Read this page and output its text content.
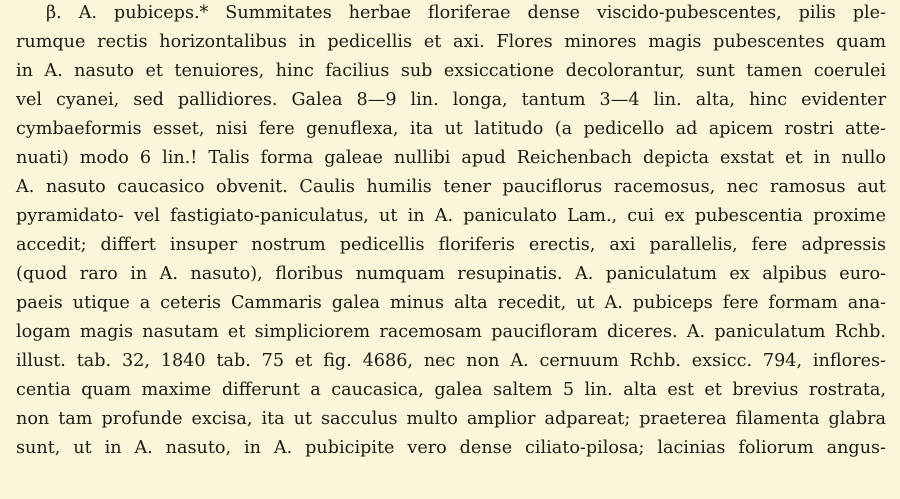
β. A. pubiceps.* Summitates herbae floriferae dense viscido-pubescentes, pilis ple-
rumque rectis horizontalibus in pedicellis et axi. Flores minores magis pubescentes quam
in A. nasuto et tenuiores, hinc facilius sub exsiccatione decolorantur, sunt tamen coerulei
vel cyanei, sed pallidiores. Galea 8—9 lin. longa, tantum 3—4 lin. alta, hinc evidenter
cymbaeformis esset, nisi fere genuflexa, ita ut latitudo (a pedicello ad apicem rostri atte-
nuati) modo 6 lin.! Talis forma galeae nullibi apud Reichenbach depicta exstat et in nullo
A. nasuto caucasico obvenit. Caulis humilis tener pauciflorus racemosus, nec ramosus aut
pyramidato- vel fastigiato-paniculatus, ut in A. paniculato Lam., cui ex pubescentia proxime
accedit; differt insuper nostrum pedicellis floriferis erectis, axi parallelis, fere adpressis
(quod raro in A. nasuto), floribus numquam resupinatis. A. paniculatum ex alpibus euro-
paeis utique a ceteris Cammaris galea minus alta recedit, ut A. pubiceps fere formam ana-
logam magis nasutam et simpliciorem racemosam paucifloram diceres. A. paniculatum Rchb.
illust. tab. 32, 1840 tab. 75 et fig. 4686, nec non A. cernuum Rchb. exsicc. 794, inflores-
centia quam maxime differunt a caucasica, galea saltem 5 lin. alta est et brevius rostrata,
non tam profunde excisa, ita ut sacculus multo amplior adpareat; praeterea filamenta glabra
sunt, ut in A. nasuto, in A. pubicipite vero dense ciliato-pilosa; lacinias foliorum angus-
